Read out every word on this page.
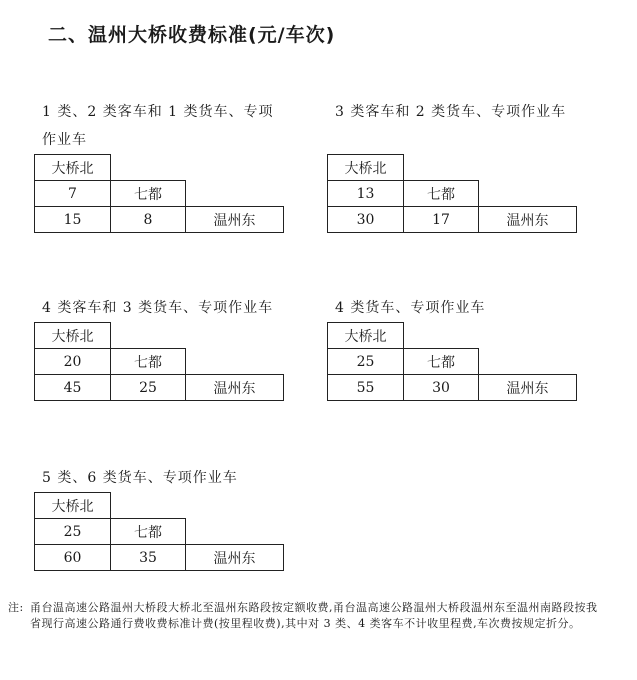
二、温州大桥收费标准(元/车次)
1 类、2 类客车和 1 类货车、专项
作业车
大桥北		
7	七都	
15	8	温州东
3 类客车和 2 类货车、专项作业车
大桥北		
13	七都	
30	17	温州东
4 类客车和 3 类货车、专项作业车
大桥北		
20	七都	
45	25	温州东
4 类货车、专项作业车
大桥北		
25	七都	
55	30	温州东
5 类、6 类货车、专项作业车
大桥北		
25	七都	
60	35	温州东
注: 甬台温高速公路温州大桥段大桥北至温州东路段按定额收费,甬台温高速公路温州大桥段温州东至温州南路段按我省现行高速公路通行费收费标准计费(按里程收费),其中对 3 类、4 类客车不计收里程费,车次费按规定折分。
